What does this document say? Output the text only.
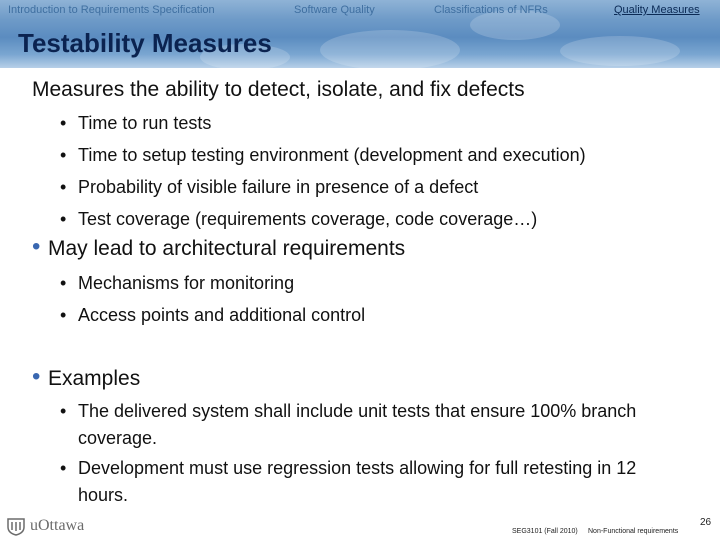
Introduction to Requirements Specification	Software Quality	Classifications of NFRs	Quality Measures
Testability Measures
Measures the ability to detect, isolate, and fix defects
• Time to run tests
• Time to setup testing environment (development and execution)
• Probability of visible failure in presence of a defect
• Test coverage (requirements coverage, code coverage…)
• May lead to architectural requirements
• Mechanisms for monitoring
• Access points and additional control
• Examples
• The delivered system shall include unit tests that ensure 100% branch
coverage.
• Development must use regression tests allowing for full retesting in 12
hours.
uOttawa	SEG3101 (Fall 2010) Non-Functional requirements
26
